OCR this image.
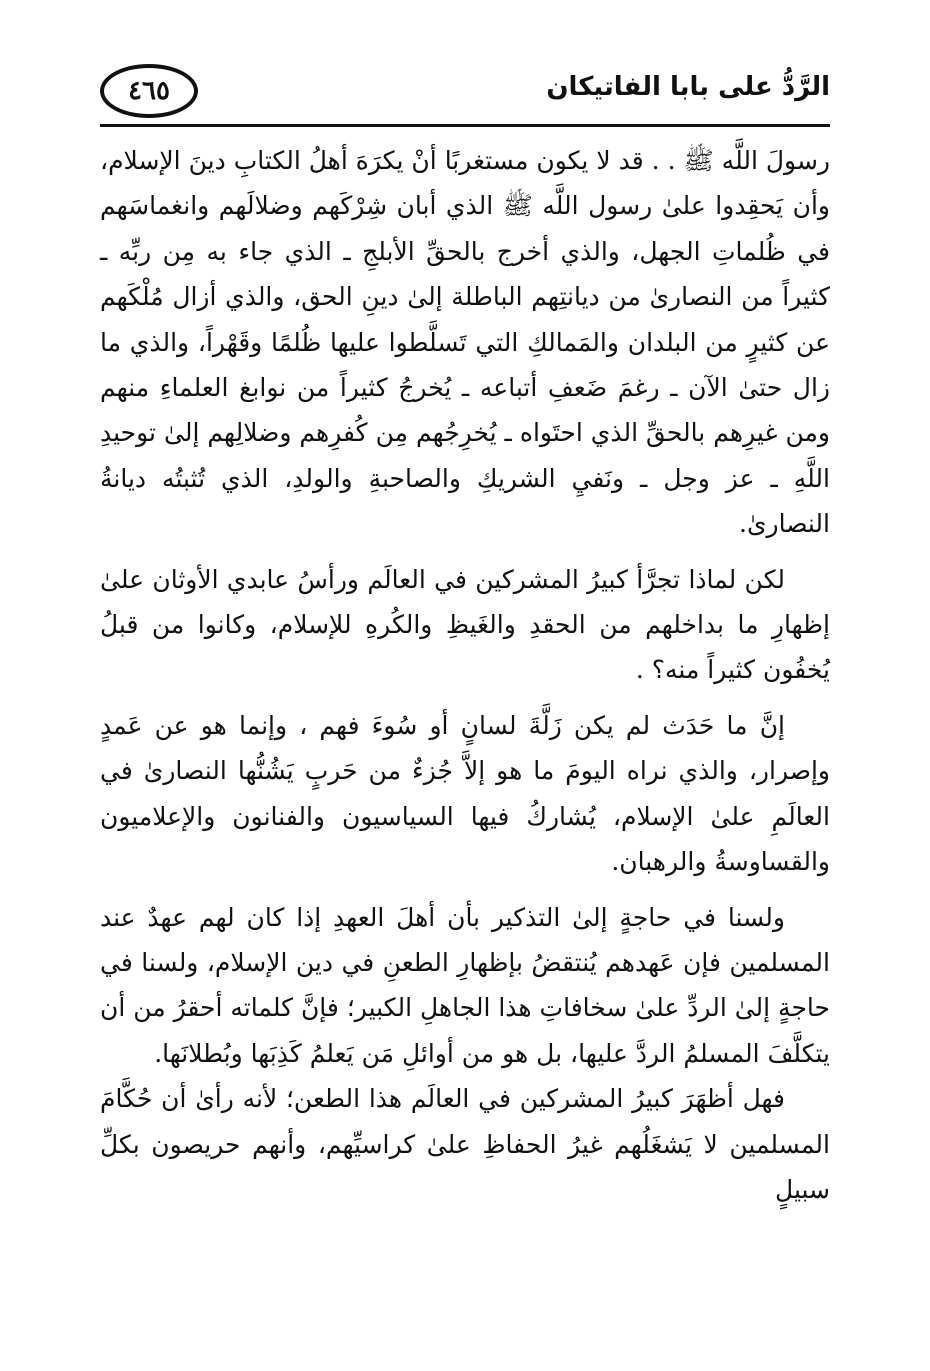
٤٦٥	الرَّدُّ على بابا الفاتيكان

رسولَ اللَّه ﷺ . . قد لا يكون مستغربًا أنْ يكرَهَ أهلُ الكتابِ دينَ الإسلام، وأن يَحقِدوا علىٰ رسول اللَّه ﷺ الذي أبان شِرْكَهم وضلالَهم وانغماسَهم في ظُلماتِ الجهل، والذي أخرج بالحقِّ الأبلجِ ـ الذي جاء به مِن ربِّه ـ كثيراً من النصارىٰ من ديانتِهم الباطلة إلىٰ دينِ الحق، والذي أزال مُلْكَهم عن كثيرٍ من البلدان والمَمالكِ التي تَسلَّطوا عليها ظُلمًا وقَهْراً، والذي ما زال حتىٰ الآن ـ رغمَ ضَعفِ أتباعه ـ يُخرجُ كثيراً من نوابغ العلماءِ منهم ومن غيرِهم بالحقِّ الذي احتَواه ـ يُخرِجُهم مِن كُفرِهم وضلالِهم إلىٰ توحيدِ اللَّهِ ـ عز وجل ـ ونَفيِ الشريكِ والصاحبةِ والولدِ، الذي تُثبتُه ديانةُ النصارىٰ.

لكن لماذا تجرَّأ كبيرُ المشركين في العالَم ورأسُ عابدي الأوثان علىٰ إظهارِ ما بداخلهم من الحقدِ والغَيظِ والكُرهِ للإسلام، وكانوا من قبلُ يُخفُون كثيراً منه؟ .

إنَّ ما حَدَث لم يكن زَلَّةَ لسانٍ أو سُوءَ فهم ، وإنما هو عن عَمدٍ وإصرار، والذي نراه اليومَ ما هو إلاَّ جُزءٌ من حَربٍ يَشُنُّها النصارىٰ في العالَمِ علىٰ الإسلام، يُشاركُ فيها السياسيون والفنانون والإعلاميون والقساوسةُ والرهبان.

ولسنا في حاجةٍ إلىٰ التذكير بأن أهلَ العهدِ إذا كان لهم عهدٌ عند المسلمين فإن عَهدهم يُنتقضُ بإظهارِ الطعنِ في دين الإسلام، ولسنا في حاجةٍ إلىٰ الردِّ علىٰ سخافاتِ هذا الجاهلِ الكبير؛ فإنَّ كلماته أحقرُ من أن يتكلَّفَ المسلمُ الردَّ عليها، بل هو من أوائلِ مَن يَعلمُ كَذِبَها وبُطلانَها.

فهل أظهَرَ كبيرُ المشركين في العالَم هذا الطعن؛ لأنه رأىٰ أن حُكَّامَ المسلمين لا يَشغَلُهم غيرُ الحفاظِ علىٰ كراسيِّهم، وأنهم حريصون بكلِّ سبيلٍ
